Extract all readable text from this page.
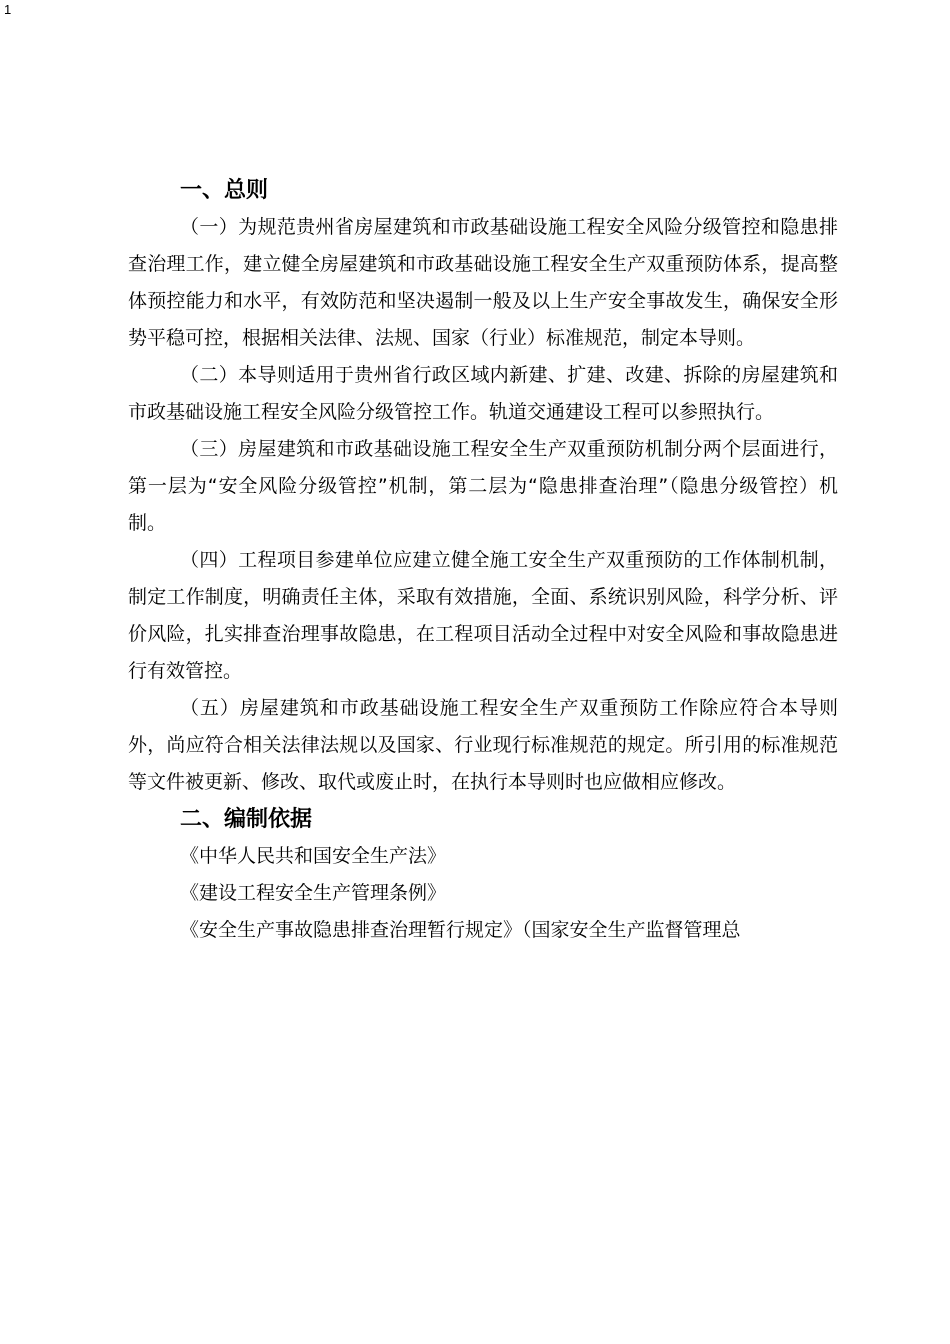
1
一、总则

（一）为规范贵州省房屋建筑和市政基础设施工程安全风险分级管控和隐患排查治理工作，建立健全房屋建筑和市政基础设施工程安全生产双重预防体系，提高整体预控能力和水平，有效防范和坚决遏制一般及以上生产安全事故发生，确保安全形势平稳可控，根据相关法律、法规、国家（行业）标准规范，制定本导则。

（二）本导则适用于贵州省行政区域内新建、扩建、改建、拆除的房屋建筑和市政基础设施工程安全风险分级管控工作。轨道交通建设工程可以参照执行。

（三）房屋建筑和市政基础设施工程安全生产双重预防机制分两个层面进行，第一层为“安全风险分级管控”机制，第二层为“隐患排查治理”（隐患分级管控）机制。

（四）工程项目参建单位应建立健全施工安全生产双重预防的工作体制机制，制定工作制度，明确责任主体，采取有效措施，全面、系统识别风险，科学分析、评价风险，扎实排查治理事故隐患，在工程项目活动全过程中对安全风险和事故隐患进行有效管控。

（五）房屋建筑和市政基础设施工程安全生产双重预防工作除应符合本导则外，尚应符合相关法律法规以及国家、行业现行标准规范的规定。所引用的标准规范等文件被更新、修改、取代或废止时，在执行本导则时也应做相应修改。

二、编制依据

《中华人民共和国安全生产法》

《建设工程安全生产管理条例》

《安全生产事故隐患排查治理暂行规定》（国家安全生产监督管理总
